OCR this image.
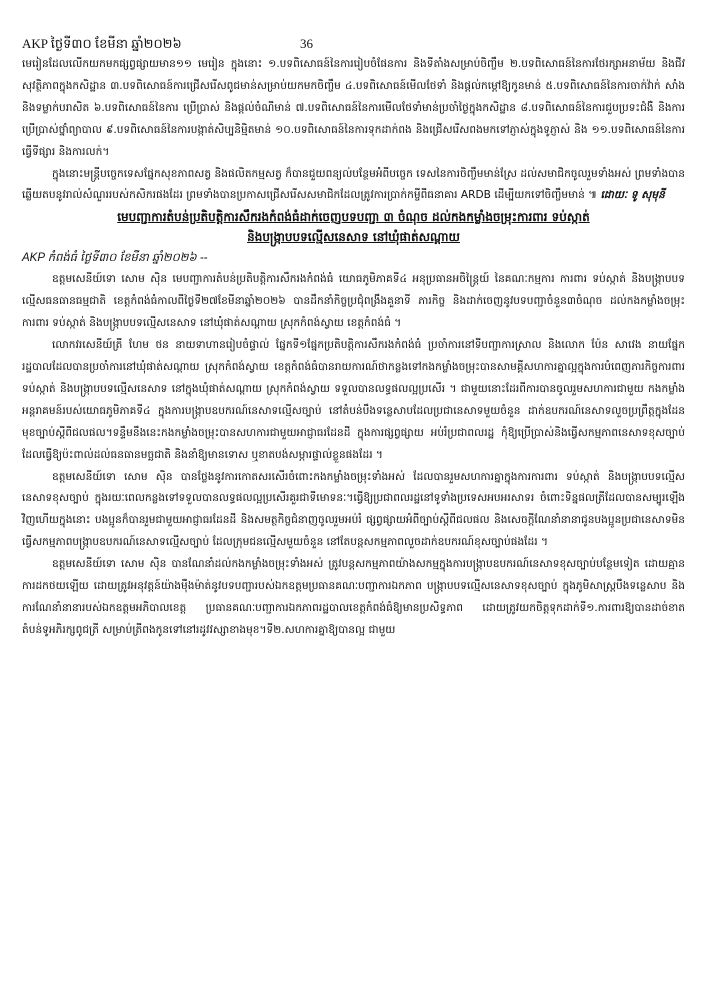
AKP ថ្ងៃទី៣០ ខែមីនា ឆ្នាំ២០២៦	36

មេរៀនដែលលើកយកមកផ្សព្វផ្សាយមាន១១ មេរៀន ក្នុងនោះ ១.បទពិសោធន៍នៃការរៀបចំផែនការ និងទីតាំងសម្រាប់ចិញ្ចឹម ២.បទពិសោធន៍នៃការថែរក្សាអនាម័យ និងជីវសុវត្ថិភាពក្នុងកសិដ្ឋាន ៣.បទពិសោធន៍ការជ្រើសរើសពូជមាន់សម្រាប់យកមកចិញ្ចឹម ៤.បទពិសោធន៍មើលថែទាំ និងផ្តល់កម្តៅឱ្យកូនមាន់ ៥.បទពិសោធន៍នៃការចាក់វ៉ាក់ សាំង និងទម្លាក់បរាសិត ៦.បទពិសោធន៍នៃការ ប្រើប្រាស់ និងផ្តល់ចំណីមាន់ ៧.បទពិសោធន៍នៃការមើលថែទាំមាន់ប្រចាំថ្ងៃក្នុងកសិដ្ឋាន ៨.បទពិសោធន៍នៃការជួបប្រទះជំងឺ និងការប្រើប្រាស់ថ្នាំព្យាបាល ៩.បទពិសោធន៍នៃការបង្កាត់សិប្បនិម្មិតមាន់ ១០.បទពិសោធន៍នៃការទុកដាក់ពង និងជ្រើសរើសពងមកទៅភ្ញាស់ក្នុងទូភ្ញាស់ និង ១១.បទពិសោធន៍នៃការធ្វើទីផ្សារ និងការលក់។

ក្នុងនោះមន្ត្រីបច្ចេកទេសផ្នែកសុខភាពសត្វ និងផលិតកម្មសត្វ ក៏បានជួយពន្យល់បន្ថែមអំពីបច្ចេក ទេសនៃការចិញ្ចឹមមាន់ស្រែ ដល់សមាជិកចូលរួមទាំងអស់ ព្រមទាំងបានឆ្លើយតបនូវរាល់សំណួររបស់កសិករផងដែរ ព្រមទាំងបានប្រកាសជ្រើសរើសសមាជិកដែលត្រូវការប្រាក់កម្ចីពីធនាគារ ARDB ដើម្បីយកទៅចិញ្ចឹមមាន់ ៕ ដោយៈ ទូ សុមុនី

មេបញ្ជាការតំបន់ប្រតិបត្តិការសឹករងកំពង់ធំដាក់ចេញបទបញ្ជា ៣ ចំណុច ដល់កងកម្លាំងចម្រុះការពារ ទប់ស្កាត់

និងបង្ក្រាបបទល្មើសនេសាទ នៅឃុំផាត់សណ្តាយ

AKP កំពង់ធំ ថ្ងៃទី៣០ ខែមីនា ឆ្នាំ២០២៦ --

ឧត្តមសេនីយ៍ទោ សោម ស៊ិន មេបញ្ជាការតំបន់ប្រតិបត្តិការសឹករងកំពង់ធំ យោធភូមិភាគទី៤ អនុប្រធានអចិន្ត្រៃយ៍ នៃគណៈកម្មការ ការពារ ទប់ស្កាត់ និងបង្ក្រាបបទល្មើសធនធានធម្មជាតិ ខេត្តកំពង់ធំកាលពីថ្ងៃទី២៧ខែមីនាឆ្នាំ២០២៦ បានដឹកនាំកិច្ចប្រជុំពង្រឹងគួនាទី ភារកិច្ច និងដាក់ចេញនូវបទបញ្ជាចំនួន៣ចំណុច ដល់កងកម្លាំងចម្រុះ ការពារ ទប់ស្កាត់ និងបង្ក្រាបបទល្មើសនេសាទ នៅឃុំផាត់សណ្តាយ ស្រុកកំពង់ស្វាយ ខេត្តកំពង់ធំ ។

លោកវរសេនីយ៍ត្រី ហែម ថន នាយទាហានរៀបចំផ្ទាល់ ផ្នែកទី១ផ្នែកប្រតិបត្តិការសឹករងកំពង់ធំ ប្រចាំការនៅទីបញ្ជាការស្រាល និងលោក ប៉ែន សាវេង នាយផ្នែករដ្ឋបាលដែលបានប្រចាំការនៅឃុំផាត់សណ្តាយ ស្រុកកំពង់ស្វាយ ខេត្តកំពង់ធំបានរាយការណ៍ថាកន្លងទៅកងកម្លាំងចម្រុះបានសាមគ្គីសហការគ្នាល្អក្នុងការបំពេញភារកិច្ចការពារ ទប់ស្កាត់ និងបង្ក្រាបបទល្មើសនេសាទ នៅក្នុងឃុំផាត់សណ្តាយ ស្រុកកំពង់ស្វាយ ទទួលបានលទ្ធផលល្អប្រសើរ ។ ជាមួយនោះដែរពីការបានចូលរួមសហការជាមួយ កងកម្លាំងអន្តរាគមន៍របស់យោធភូមិភាគទី៤ ក្នុងការបង្ក្រាបឧបករណ៍នេសាទល្មើសច្បាប់ នៅតំបន់បឹងទន្លេសាបដែលប្រជានេសាទមួយចំនួន ដាក់ឧបករណ៍នេសាទលួចប្រព្រឹត្តក្នុងដែនមុខច្បាប់ស្តីពីជលផល។ទន្ទឹមនឹងនេះកងកម្លាំងចម្រុះបានសហការជាមួយអាជ្ញាធរដែនដី ក្នុងការផ្សព្វផ្សាយ អប់រំប្រជាពលរដ្ឋ កុំឱ្យប្រើប្រាស់និងធ្វើសកម្មភាពនេសាទខុសច្បាប់ ដែលធ្វើឱ្យប៉ះពាល់ដល់ធនធានមច្ឆជាតិ និងនាំឱ្យមានទោស ឬខាតបង់សម្ភារផ្ទាល់ខ្លួនផងដែរ ។

ឧត្តមសេនីយ៍ទោ សោម ស៊ិន បានថ្លែងនូវការកោតសរសើរចំពោះកងកម្លាំងចម្រុះទាំងអស់ ដែលបានរួមសហការគ្នាក្នុងការការពារ ទប់ស្កាត់ និងបង្ក្រាបបទល្មើសនេសាទខុសច្បាប់ ក្នុងរយៈពេលកន្លងទៅទទួលបានលទ្ធផលល្អប្រសើរគួរជាទីមោទនៈ។ធ្វើឱ្យប្រជាពលរដ្ឋនៅទូទាំងប្រទេសអបអរសាទរ ចំពោះទិន្នផលត្រីដែលបានសម្បូរឡើងវិញហើយក្នុងនោះ បងប្អូនក៏បានរួមជាមួយអាជ្ញាធរដែនដី និងសមត្ថកិច្ចជំនាញចូលរួមអប់រំ ផ្សព្វផ្សាយអំពីច្បាប់ស្តីពីជលផល និងសេចក្តីណែនាំនានាជូនបងប្អូនប្រជានេសាទមិនធ្វើសកម្មភាពបង្ក្រាបឧបករណ៍នេសាទល្មើសច្បាប់ ដែលក្រុមជនល្មើសមួយចំនួន នៅតែបន្តសកម្មភាពលួចដាក់ឧបករណ៍ខុសច្បាប់ផងដែរ ។

ឧត្តមសេនីយ៍ទោ សោម ស៊ិន បានណែនាំដល់កងកម្លាំងចម្រុះទាំងអស់ ត្រូវបន្តសកម្មភាពយ៉ាងសកម្មក្នុងការបង្ក្រាបឧបករណ៍នេសាទខុសច្បាប់បន្ថែមទៀត ដោយគ្មានការដកថយឡើយ ដោយត្រូវអនុវត្តន៍យ៉ាងមុឺងម៉ាត់នូវបទបញ្ជារបស់ឯកឧត្តមប្រធានគណៈបញ្ជាការឯកភាព បង្ក្រាបបទល្មើសនេសាទខុសច្បាប់ ក្នុងភូមិសាស្ត្របឹងទន្លេសាប និងការណែនាំនានារបស់ឯកឧត្តមអភិបាលខេត្ត ប្រធានគណៈបញ្ជាការឯកភាពរដ្ឋបាលខេត្តកំពង់ធំឱ្យមានប្រសិទ្ធភាព ដោយត្រូវយកចិត្តទុកដាក់ទី១.ការពារឱ្យបានដាច់ខាត តំបន់ទូអភិរក្សពូជត្រី សម្រាប់ត្រីពងកូនទៅនៅរដូវវស្សាខាងមុខ។ទី២.សហការគ្នាឱ្យបានល្អ ជាមួយ
